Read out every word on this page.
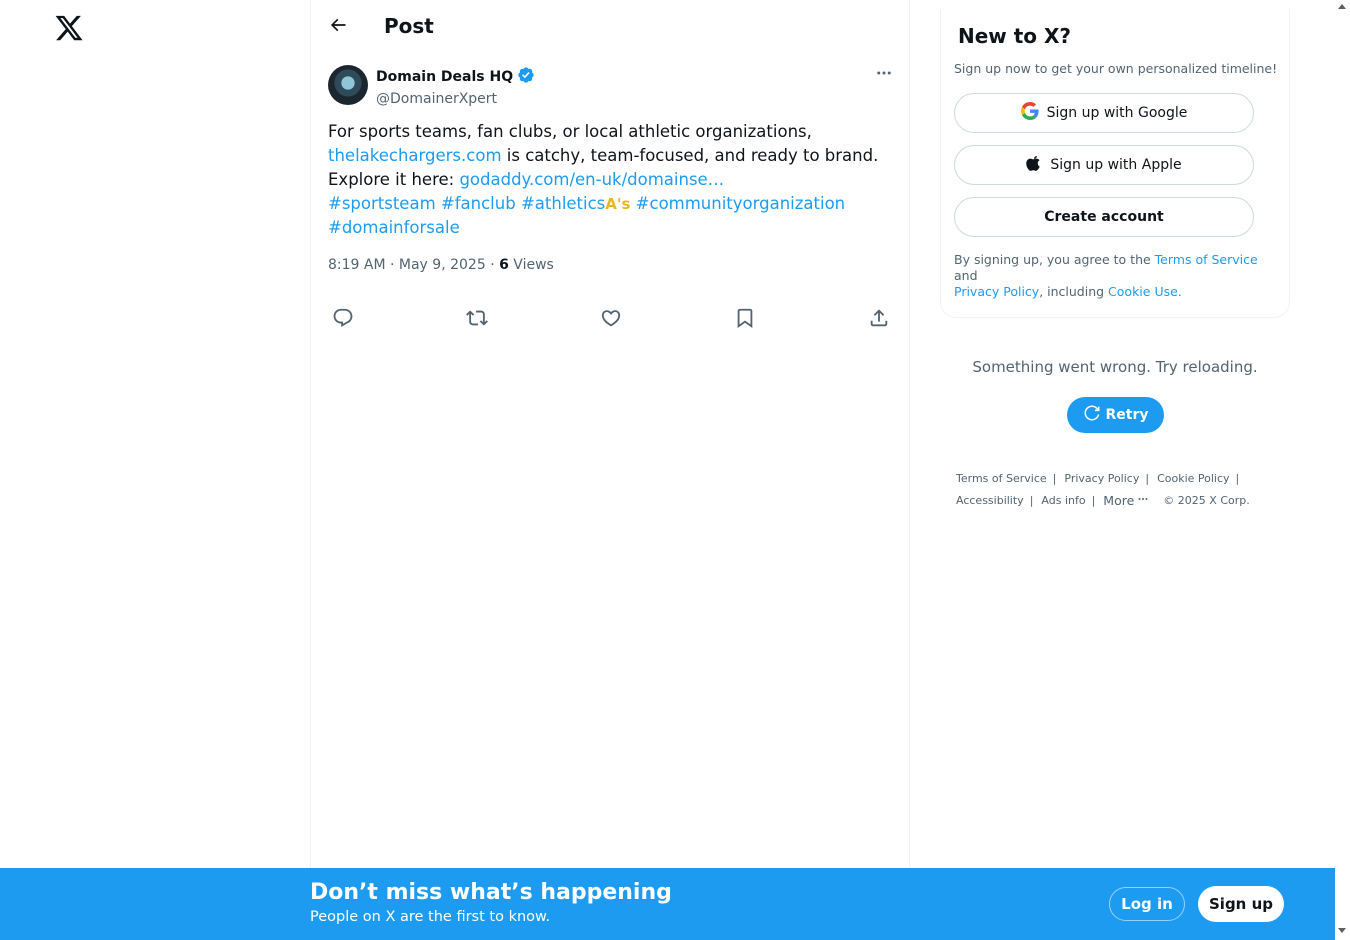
Post
Domain Deals HQ
@DomainerXpert
For sports teams, fan clubs, or local athletic organizations,
thelakechargers.com is catchy, team-focused, and ready to brand.
Explore it here: godaddy.com/en-uk/domainse…
#sportsteam #fanclub #athleticsA's #communityorganization
#domainforsale
8:19 AM · May 9, 2025 · 6 Views
New to X?
Sign up now to get your own personalized timeline!
Sign up with Google
Sign up with Apple
Create account
By signing up, you agree to the Terms of Service and
Privacy Policy, including Cookie Use.
Something went wrong. Try reloading.
Retry
Terms of Service | Privacy Policy | Cookie Policy |
Accessibility | Ads info | More	© 2025 X Corp.
Don’t miss what’s happening
People on X are the first to know.
Log in	Sign up
